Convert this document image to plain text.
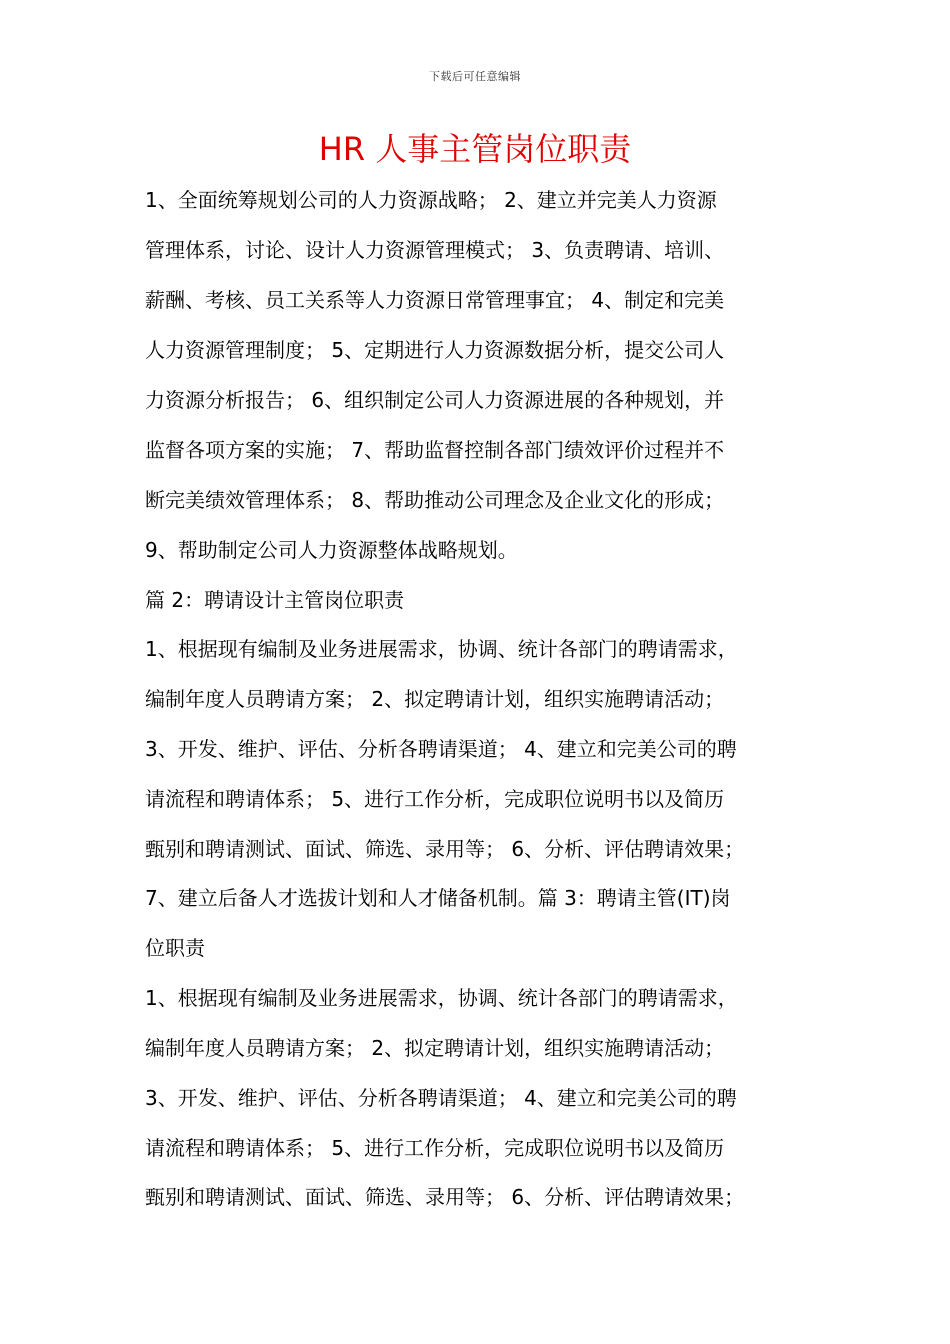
下载后可任意编辑
HR 人事主管岗位职责
1、全面统筹规划公司的人力资源战略； 2、建立并完美人力资源
管理体系，讨论、设计人力资源管理模式； 3、负责聘请、培训、
薪酬、考核、员工关系等人力资源日常管理事宜； 4、制定和完美
人力资源管理制度； 5、定期进行人力资源数据分析，提交公司人
力资源分析报告； 6、组织制定公司人力资源进展的各种规划，并
监督各项方案的实施； 7、帮助监督控制各部门绩效评价过程并不
断完美绩效管理体系； 8、帮助推动公司理念及企业文化的形成；
9、帮助制定公司人力资源整体战略规划。
篇 2：聘请设计主管岗位职责
1、根据现有编制及业务进展需求，协调、统计各部门的聘请需求，
编制年度人员聘请方案； 2、拟定聘请计划，组织实施聘请活动；
3、开发、维护、评估、分析各聘请渠道； 4、建立和完美公司的聘
请流程和聘请体系； 5、进行工作分析，完成职位说明书以及简历
甄别和聘请测试、面试、筛选、录用等； 6、分析、评估聘请效果；
7、建立后备人才选拔计划和人才储备机制。篇 3：聘请主管(IT)岗
位职责
1、根据现有编制及业务进展需求，协调、统计各部门的聘请需求，
编制年度人员聘请方案； 2、拟定聘请计划，组织实施聘请活动；
3、开发、维护、评估、分析各聘请渠道； 4、建立和完美公司的聘
请流程和聘请体系； 5、进行工作分析，完成职位说明书以及简历
甄别和聘请测试、面试、筛选、录用等； 6、分析、评估聘请效果；
